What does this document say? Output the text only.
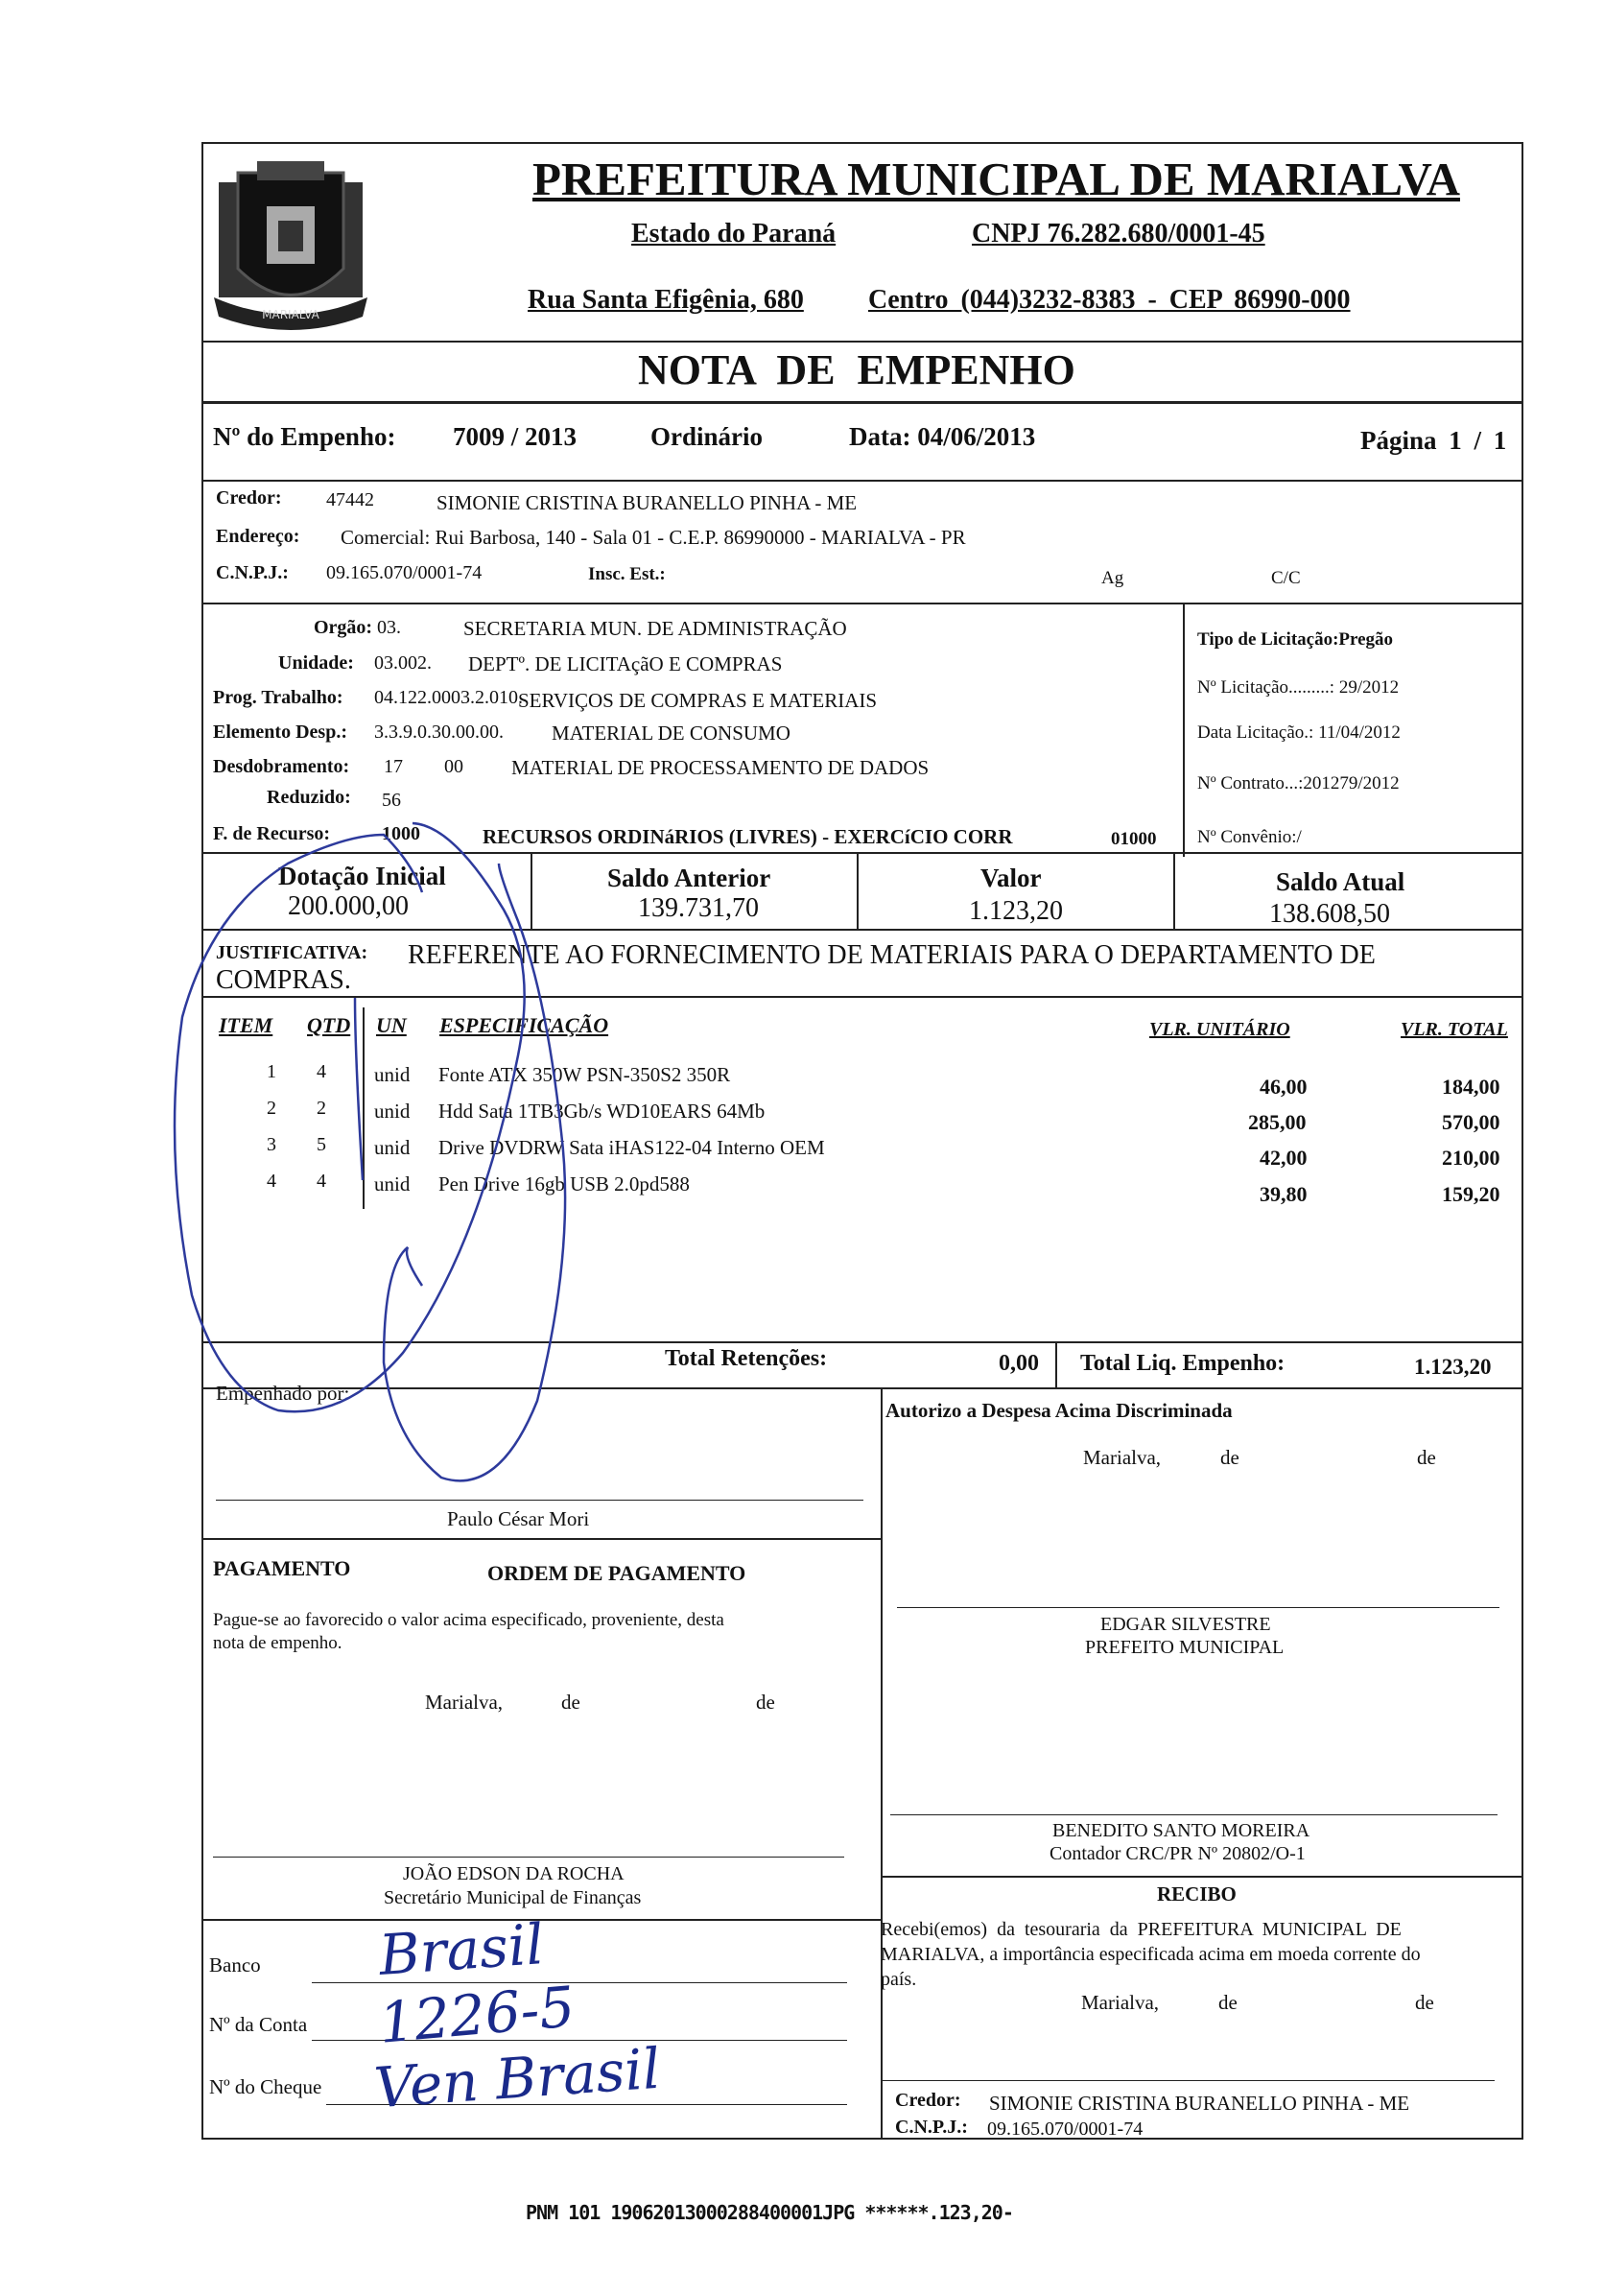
MARIALVA
PREFEITURA MUNICIPAL DE MARIALVA
Estado do Paraná	CNPJ 76.282.680/0001-45
Rua Santa Efigênia, 680 Centro (044)3232-8383 - CEP 86990-000
NOTA DE EMPENHO
Nº do Empenho: 7009 / 2013	Ordinário	Data: 04/06/2013	Página 1 / 1
Credor: 47442	SIMONIE CRISTINA BURANELLO PINHA - ME
Endereço: Comercial: Rui Barbosa, 140 - Sala 01 - C.E.P. 86990000 - MARIALVA - PR
C.N.P.J.: 09.165.070/0001-74	Insc. Est.:	Ag	C/C
Orgão: 03.	SECRETARIA MUN. DE ADMINISTRAÇÃO
Unidade: 03.002. DEPTº. DE LICITAçãO E COMPRAS
Prog. Trabalho: 04.122.0003.2.010.
SERVIÇOS DE COMPRAS E MATERIAIS
Elemento Desp.: 3.3.9.0.30.00.00. MATERIAL DE CONSUMO
Desdobramento: 17 00 MATERIAL DE PROCESSAMENTO DE DADOS
Reduzido: 56
F. de Recurso:	1000	RECURSOS ORDINáRIOS (LIVRES) - EXERCíCIO CORR	01000
Tipo de Licitação:Pregão
Nº Licitação.........: 29/2012
Data Licitação.: 11/04/2012
Nº Contrato...:201279/2012
Nº Convênio:/
Dotação Inicial
200.000,00
Saldo Anterior
139.731,70
Valor
1.123,20
Saldo Atual
138.608,50
JUSTIFICATIVA: REFERENTE AO FORNECIMENTO DE MATERIAIS PARA O DEPARTAMENTO DE
COMPRAS.
ITEM QTD UN ESPECIFICAÇÃO	VLR. UNITÁRIO	VLR. TOTAL
1 4 unid Fonte ATX 350W PSN-350S2 350R	46,00	184,00
2 2 unid Hdd Sata 1TB3Gb/s WD10EARS 64Mb	285,00	570,00
3 5 unid Drive DVDRW Sata iHAS122-04 Interno OEM	42,00	210,00
4 4 unid Pen Drive 16gb USB 2.0pd588	39,80	159,20
Total Retenções:	0,00 Total Liq. Empenho:	1.123,20
Empenhado por:
Paulo César Mori
Autorizo a Despesa Acima Discriminada
Marialva,	de	de
PAGAMENTO	ORDEM DE PAGAMENTO
Pague-se ao favorecido o valor acima especificado, proveniente, desta
nota de empenho.
Marialva,	de	de
EDGAR SILVESTRE
PREFEITO MUNICIPAL
BENEDITO SANTO MOREIRA
Contador CRC/PR Nº 20802/O-1
JOÃO EDSON DA ROCHA
Secretário Municipal de Finanças	RECIBO
Recebi(emos) da tesouraria da PREFEITURA MUNICIPAL DE
MARIALVA, a importância especificada acima em moeda corrente do
país.
Marialva,	de	de
Banco Brasil
Nº da Conta 1226-5
Nº do Cheque Ven Brasil	Credor: SIMONIE CRISTINA BURANELLO PINHA - ME
C.N.P.J.: 09.165.070/0001-74
PNM 101 19062013000288400001JPG ******.123,20-
